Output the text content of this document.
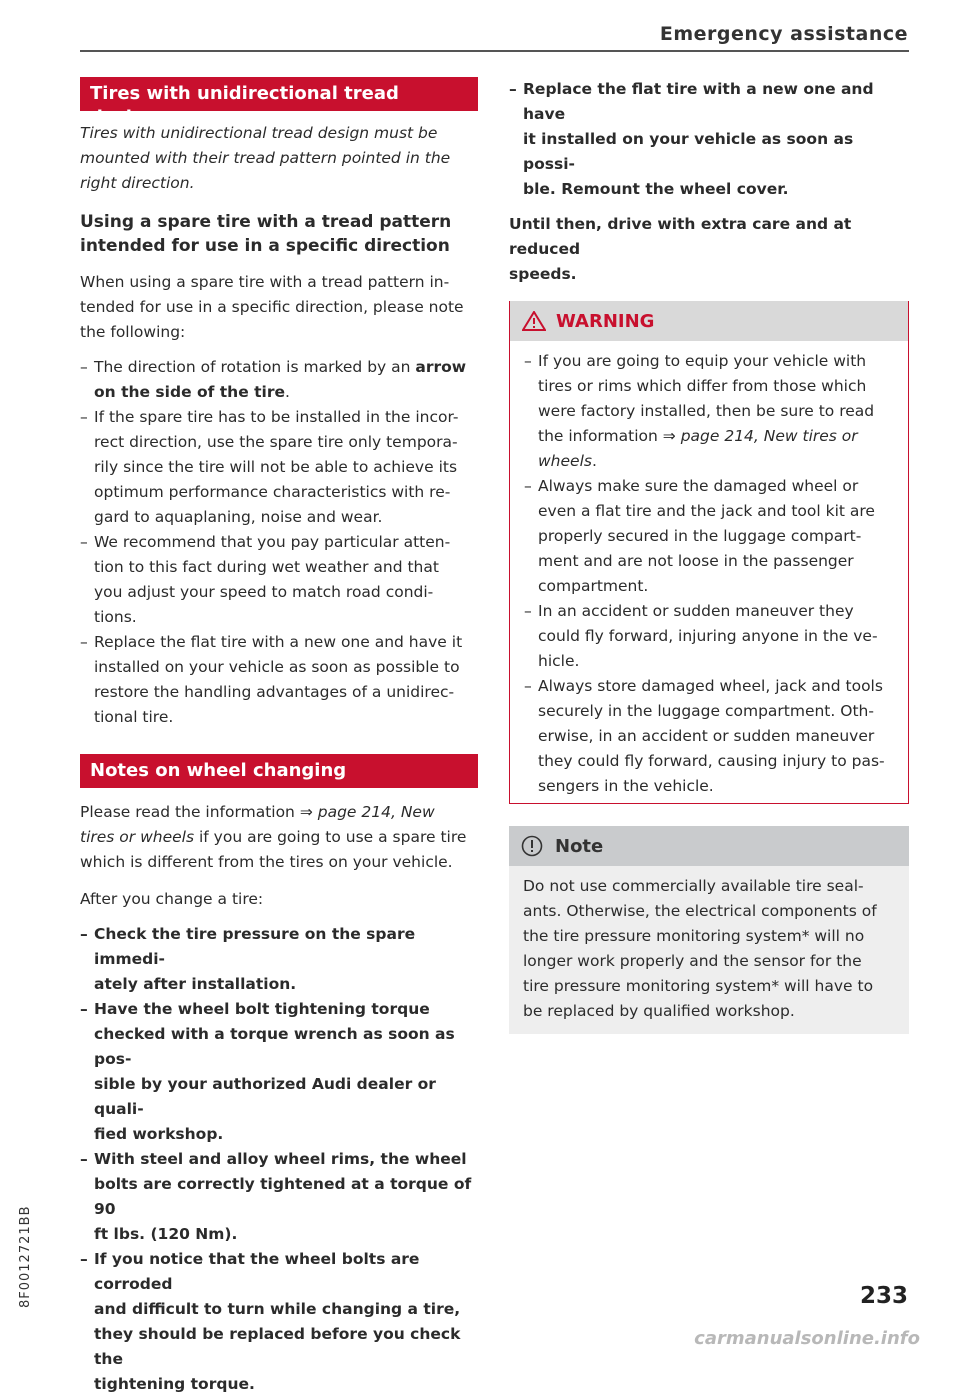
Emergency assistance
Tires with unidirectional tread design

Tires with unidirectional tread design must be

mounted with their tread pattern pointed in the

right direction.

Using a spare tire with a tread pattern

intended for use in a specific direction

When using a spare tire with a tread pattern in-

tended for use in a specific direction, please note

the following:

– The direction of rotation is marked by an arrow
on the side of the tire.
– If the spare tire has to be installed in the incor-
rect direction, use the spare tire only tempora-
rily since the tire will not be able to achieve its
optimum performance characteristics with re-
gard to aquaplaning, noise and wear.
– We recommend that you pay particular atten-
tion to this fact during wet weather and that
you adjust your speed to match road condi-
tions.
– Replace the flat tire with a new one and have it
installed on your vehicle as soon as possible to
restore the handling advantages of a unidirec-
tional tire.
Notes on wheel changing

Please read the information ⇒ page 214, New

tires or wheels if you are going to use a spare tire

which is different from the tires on your vehicle.

After you change a tire:

– Check the tire pressure on the spare immedi-
ately after installation.
– Have the wheel bolt tightening torque
checked with a torque wrench as soon as pos-
sible by your authorized Audi dealer or quali-
fied workshop.
– With steel and alloy wheel rims, the wheel
bolts are correctly tightened at a torque of 90
ft lbs. (120 Nm).
– If you notice that the wheel bolts are corroded
and difficult to turn while changing a tire,
they should be replaced before you check the
tightening torque.
– Replace the flat tire with a new one and have
it installed on your vehicle as soon as possi-
ble. Remount the wheel cover.

Until then, drive with extra care and at reduced

speeds.

WARNING
– If you are going to equip your vehicle with
tires or rims which differ from those which
were factory installed, then be sure to read
the information ⇒ page 214, New tires or
wheels.
– Always make sure the damaged wheel or
even a flat tire and the jack and tool kit are
properly secured in the luggage compart-
ment and are not loose in the passenger
compartment.
– In an accident or sudden maneuver they
could fly forward, injuring anyone in the ve-
hicle.
– Always store damaged wheel, jack and tools
securely in the luggage compartment. Oth-
erwise, in an accident or sudden maneuver
they could fly forward, causing injury to pas-
sengers in the vehicle.
Note

Do not use commercially available tire seal-

ants. Otherwise, the electrical components of

the tire pressure monitoring system* will no

longer work properly and the sensor for the

tire pressure monitoring system* will have to

be replaced by qualified workshop.

8F0012721BB	233
carmanualsonline.info
